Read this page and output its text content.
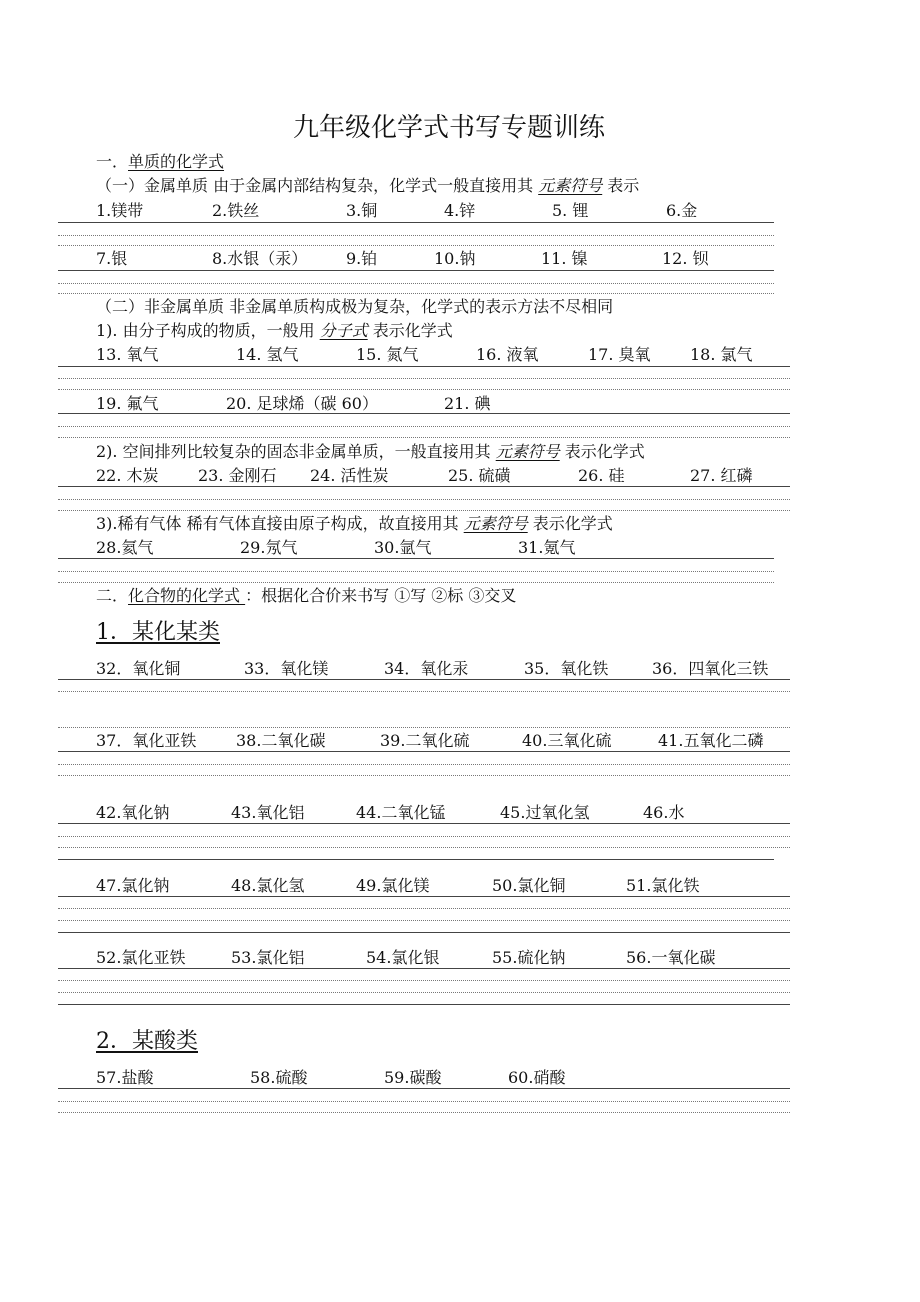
九年级化学式书写专题训练
一．单质的化学式
（一）金属单质 由于金属内部结构复杂，化学式一般直接用其 元素符号 表示
1.镁带	2.铁丝	3.铜	4.锌	5. 锂	6.金
7.银	8.水银（汞） 9.铂	10.钠	11. 镍	12. 钡
（二）非金属单质 非金属单质构成极为复杂，化学式的表示方法不尽相同
1). 由分子构成的物质，一般用 分子式 表示化学式
13. 氧气	14. 氢气	15. 氮气	16. 液氧	17. 臭氧 18. 氯气
19. 氟气	20. 足球烯（碳 60）	21. 碘
2). 空间排列比较复杂的固态非金属单质，一般直接用其 元素符号 表示化学式
22. 木炭 23. 金刚石 24. 活性炭	25. 硫磺	26. 硅	27. 红磷
3).稀有气体 稀有气体直接由原子构成，故直接用其 元素符号 表示化学式
28.氦气	29.氖气	30.氩气	31.氪气
二．化合物的化学式 ：根据化合价来书写 ①写 ②标 ③交叉
1．某化某类
32．氧化铜	33．氧化镁	34．氧化汞	35．氧化铁	36．四氧化三铁
37．氧化亚铁 38.二氧化碳	39.二氧化硫	40.三氧化硫	41.五氧化二磷
42.氧化钠	43.氧化铝	44.二氧化锰	45.过氧化氢	46.水
47.氯化钠	48.氯化氢	49.氯化镁	50.氯化铜	51.氯化铁
52.氯化亚铁	53.氯化铝	54.氯化银	55.硫化钠	56.一氧化碳
2．某酸类
57.盐酸	58.硫酸	59.碳酸	60.硝酸
